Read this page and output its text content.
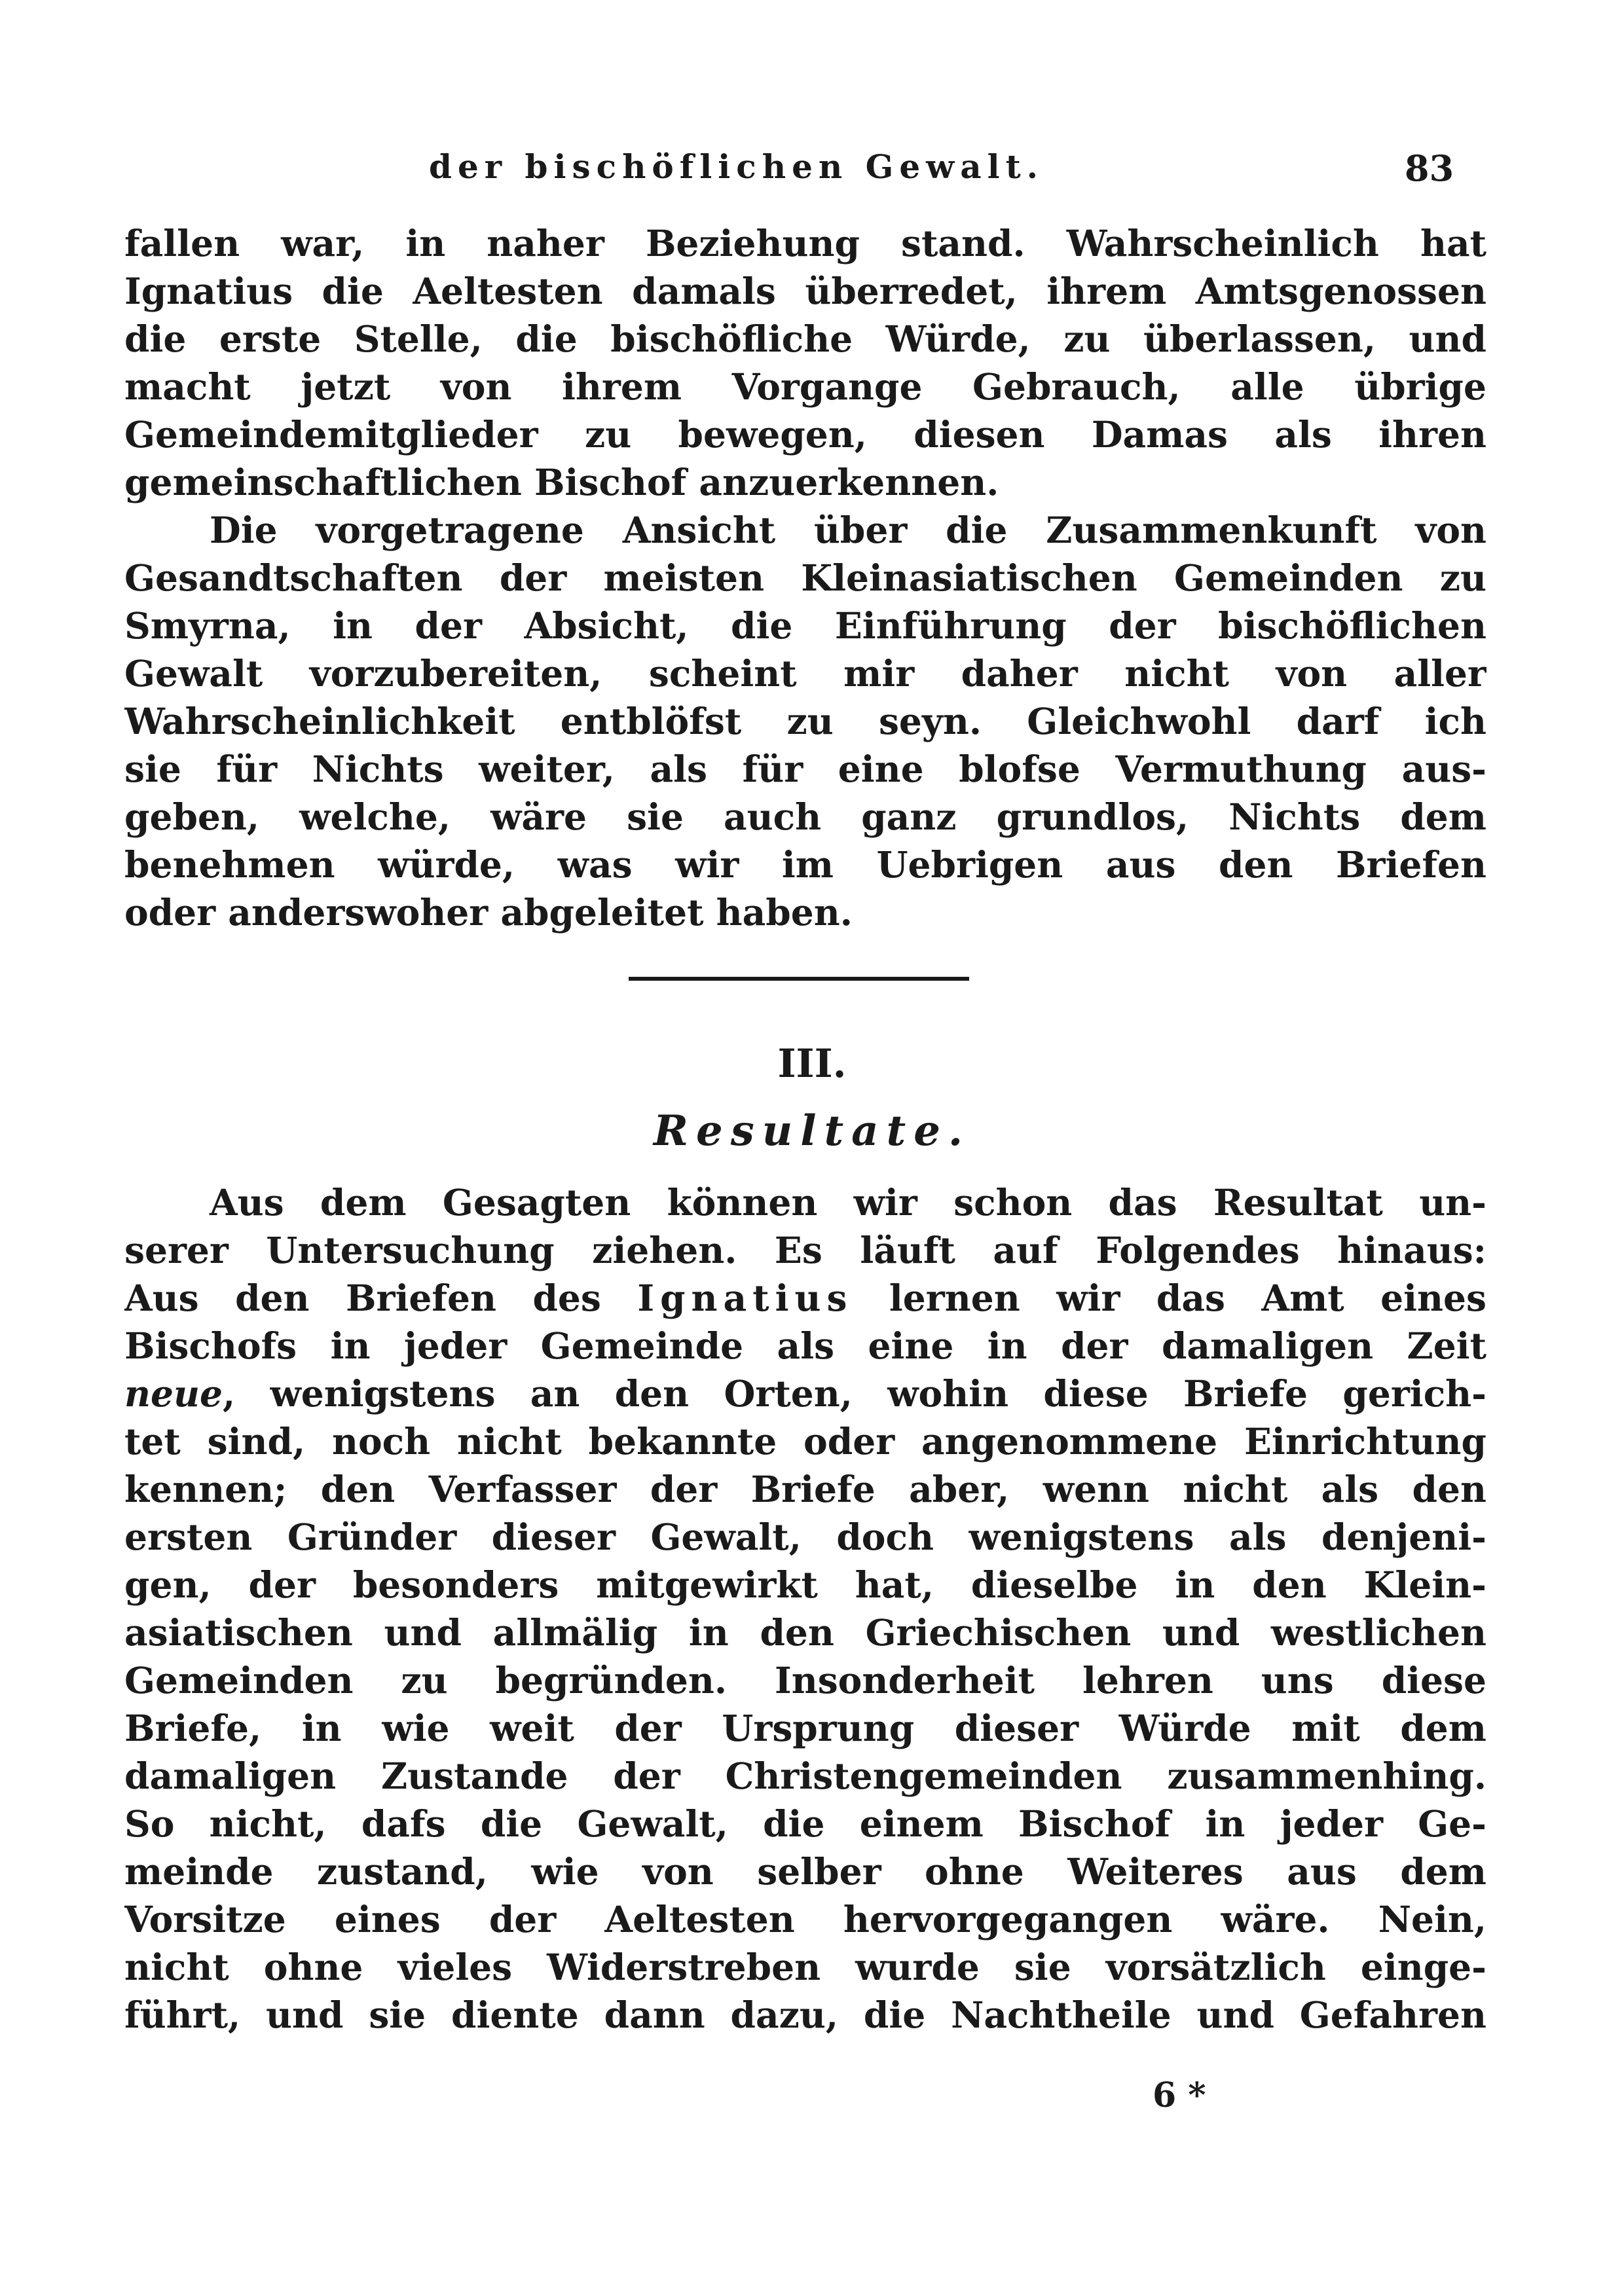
der bischöflichen Gewalt.	83
fallen war, in naher Beziehung stand. Wahrscheinlich hat
Ignatius die Aeltesten damals überredet, ihrem Amtsgenossen
die erste Stelle, die bischöfliche Würde, zu überlassen, und
macht jetzt von ihrem Vorgange Gebrauch, alle übrige
Gemeindemitglieder zu bewegen, diesen Damas als ihren
gemeinschaftlichen Bischof anzuerkennen.
Die vorgetragene Ansicht über die Zusammenkunft von
Gesandtschaften der meisten Kleinasiatischen Gemeinden zu
Smyrna, in der Absicht, die Einführung der bischöflichen
Gewalt vorzubereiten, scheint mir daher nicht von aller
Wahrscheinlichkeit entblöfst zu seyn. Gleichwohl darf ich
sie für Nichts weiter, als für eine blofse Vermuthung aus-
geben, welche, wäre sie auch ganz grundlos, Nichts dem
benehmen würde, was wir im Uebrigen aus den Briefen
oder anderswoher abgeleitet haben.
III.
Resultate.
Aus dem Gesagten können wir schon das Resultat un-
serer Untersuchung ziehen. Es läuft auf Folgendes hinaus:
Aus den Briefen des Ignatius lernen wir das Amt eines
Bischofs in jeder Gemeinde als eine in der damaligen Zeit
neue, wenigstens an den Orten, wohin diese Briefe gerich-
tet sind, noch nicht bekannte oder angenommene Einrichtung
kennen; den Verfasser der Briefe aber, wenn nicht als den
ersten Gründer dieser Gewalt, doch wenigstens als denjeni-
gen, der besonders mitgewirkt hat, dieselbe in den Klein-
asiatischen und allmälig in den Griechischen und westlichen
Gemeinden zu begründen. Insonderheit lehren uns diese
Briefe, in wie weit der Ursprung dieser Würde mit dem
damaligen Zustande der Christengemeinden zusammenhing.
So nicht, dafs die Gewalt, die einem Bischof in jeder Ge-
meinde zustand, wie von selber ohne Weiteres aus dem
Vorsitze eines der Aeltesten hervorgegangen wäre. Nein,
nicht ohne vieles Widerstreben wurde sie vorsätzlich einge-
führt, und sie diente dann dazu, die Nachtheile und Gefahren
6 *
